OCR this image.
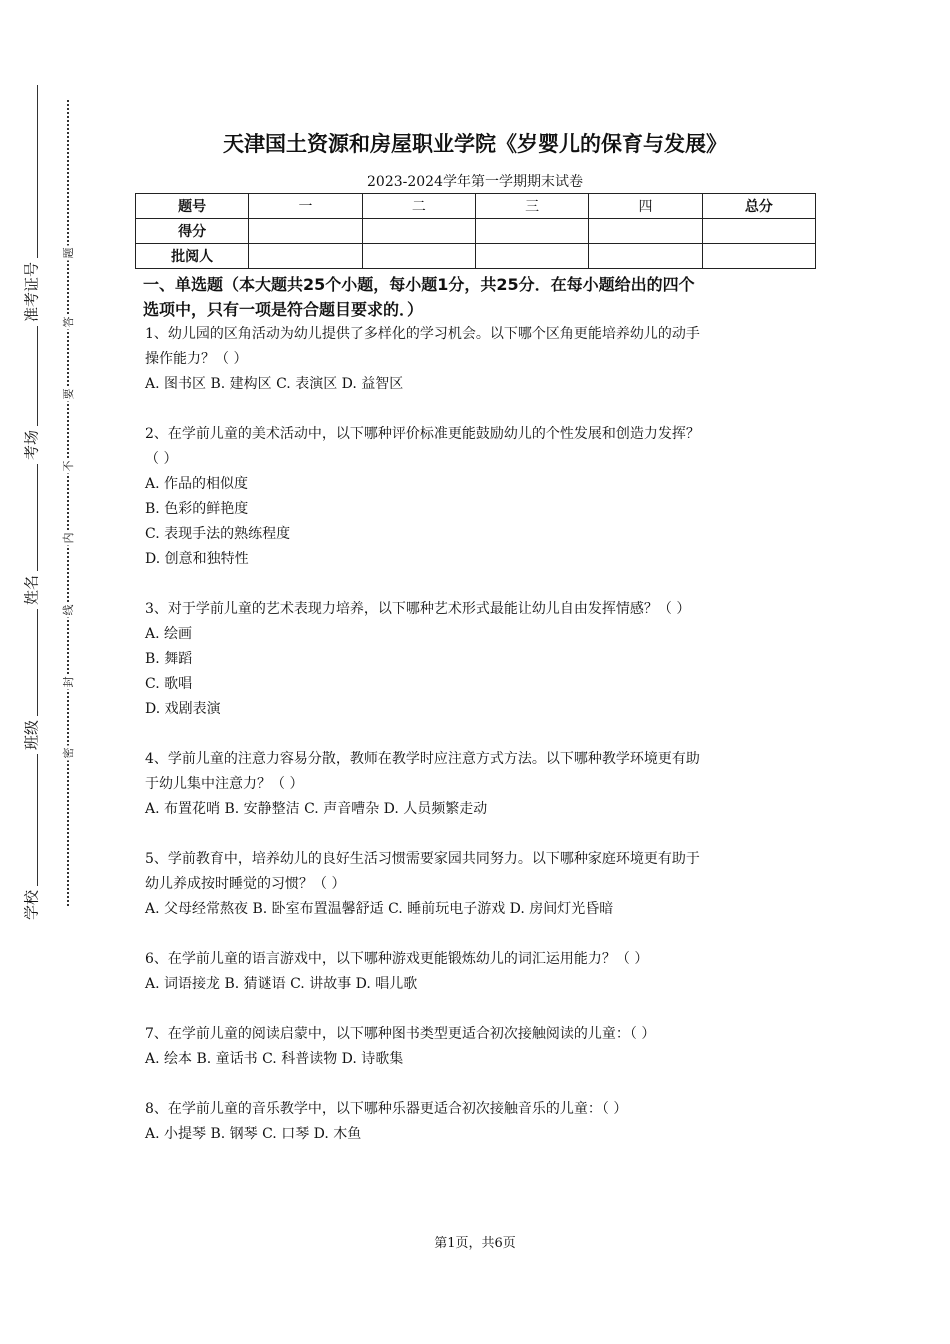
准考证号
考场
姓名
班级
学校
题
答
要
不
内
线
封
密
天津国土资源和房屋职业学院《岁婴儿的保育与发展》
2023-2024学年第一学期期末试卷
题号	一	二	三	四	总分
得分					
批阅人					
一、单选题（本大题共25个小题，每小题1分，共25分．在每小题给出的四个
选项中，只有一项是符合题目要求的．）

1、幼儿园的区角活动为幼儿提供了多样化的学习机会。以下哪个区角更能培养幼儿的动手

操作能力？（ ）

A. 图书区 B. 建构区 C. 表演区 D. 益智区

2、在学前儿童的美术活动中，以下哪种评价标准更能鼓励幼儿的个性发展和创造力发挥？

（ ）

A. 作品的相似度

B. 色彩的鲜艳度

C. 表现手法的熟练程度

D. 创意和独特性

3、对于学前儿童的艺术表现力培养，以下哪种艺术形式最能让幼儿自由发挥情感？（ ）

A. 绘画

B. 舞蹈

C. 歌唱

D. 戏剧表演

4、学前儿童的注意力容易分散，教师在教学时应注意方式方法。以下哪种教学环境更有助

于幼儿集中注意力？（ ）

A. 布置花哨 B. 安静整洁 C. 声音嘈杂 D. 人员频繁走动

5、学前教育中，培养幼儿的良好生活习惯需要家园共同努力。以下哪种家庭环境更有助于

幼儿养成按时睡觉的习惯？（ ）

A. 父母经常熬夜 B. 卧室布置温馨舒适 C. 睡前玩电子游戏 D. 房间灯光昏暗

6、在学前儿童的语言游戏中，以下哪种游戏更能锻炼幼儿的词汇运用能力？（ ）

A. 词语接龙 B. 猜谜语 C. 讲故事 D. 唱儿歌

7、在学前儿童的阅读启蒙中，以下哪种图书类型更适合初次接触阅读的儿童：（ ）

A. 绘本 B. 童话书 C. 科普读物 D. 诗歌集

8、在学前儿童的音乐教学中，以下哪种乐器更适合初次接触音乐的儿童：（ ）

A. 小提琴 B. 钢琴 C. 口琴 D. 木鱼

第1页，共6页
